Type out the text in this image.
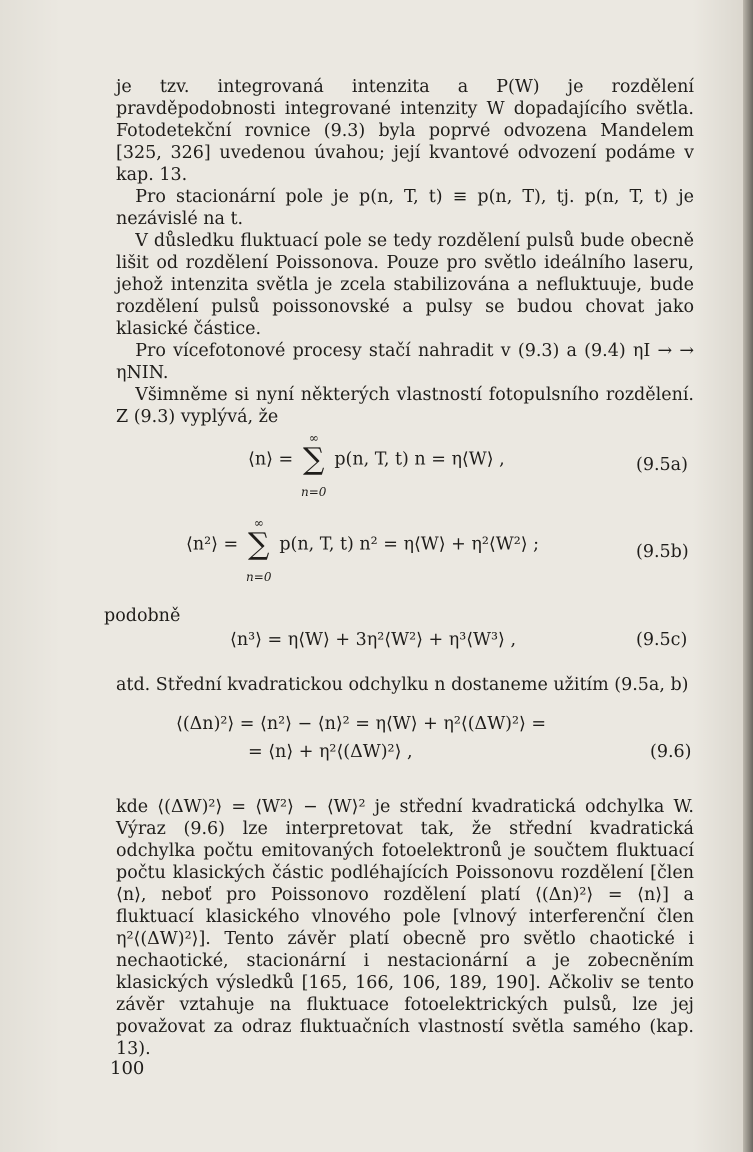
je tzv. integrovaná intenzita a P(W) je rozdělení pravděpodobnosti integrované intenzity W dopadajícího světla. Fotodetekční rovnice (9.3) byla poprvé odvozena Mandelem [325, 326] uvedenou úvahou; její kvantové odvození podáme v kap. 13.

Pro stacionární pole je p(n, T, t) ≡ p(n, T), tj. p(n, T, t) je nezávislé na t.

V důsledku fluktuací pole se tedy rozdělení pulsů bude obecně lišit od rozdělení Poissonova. Pouze pro světlo ideálního laseru, jehož intenzita světla je zcela stabilizována a nefluktuuje, bude rozdělení pulsů poissonovské a pulsy se budou chovat jako klasické částice.

Pro vícefotonové procesy stačí nahradit v (9.3) a (9.4) ηI → → ηNIN.

Všimněme si nyní některých vlastností fotopulsního rozdělení. Z (9.3) vyplývá, že

⟨n⟩ = ∑
∞
n=0
p(n, T, t) n = η⟨W⟩ ,	(9.5a)
⟨n²⟩ = ∑
∞
n=0
p(n, T, t) n² = η⟨W⟩ + η²⟨W²⟩ ;	(9.5b)
podobně
⟨n³⟩ = η⟨W⟩ + 3η²⟨W²⟩ + η³⟨W³⟩ ,	(9.5c)

atd. Střední kvadratickou odchylku n dostaneme užitím (9.5a, b)

⟨(Δn)²⟩ = ⟨n²⟩ − ⟨n⟩² = η⟨W⟩ + η²⟨(ΔW)²⟩ =
= ⟨n⟩ + η²⟨(ΔW)²⟩ ,	(9.6)

kde ⟨(ΔW)²⟩ = ⟨W²⟩ − ⟨W⟩² je střední kvadratická odchylka W. Výraz (9.6) lze interpretovat tak, že střední kvadratická odchylka počtu emitovaných fotoelektronů je součtem fluktuací počtu klasických částic podléhajících Poissonovu rozdělení [člen ⟨n⟩, neboť pro Poissonovo rozdělení platí ⟨(Δn)²⟩ = ⟨n⟩] a fluktuací klasického vlnového pole [vlnový interferenční člen η²⟨(ΔW)²⟩]. Tento závěr platí obecně pro světlo chaotické i nechaotické, stacionární i nestacionární a je zobecněním klasických výsledků [165, 166, 106, 189, 190]. Ačkoliv se tento závěr vztahuje na fluktuace fotoelektrických pulsů, lze jej považovat za odraz fluktuačních vlastností světla samého (kap. 13).

100
